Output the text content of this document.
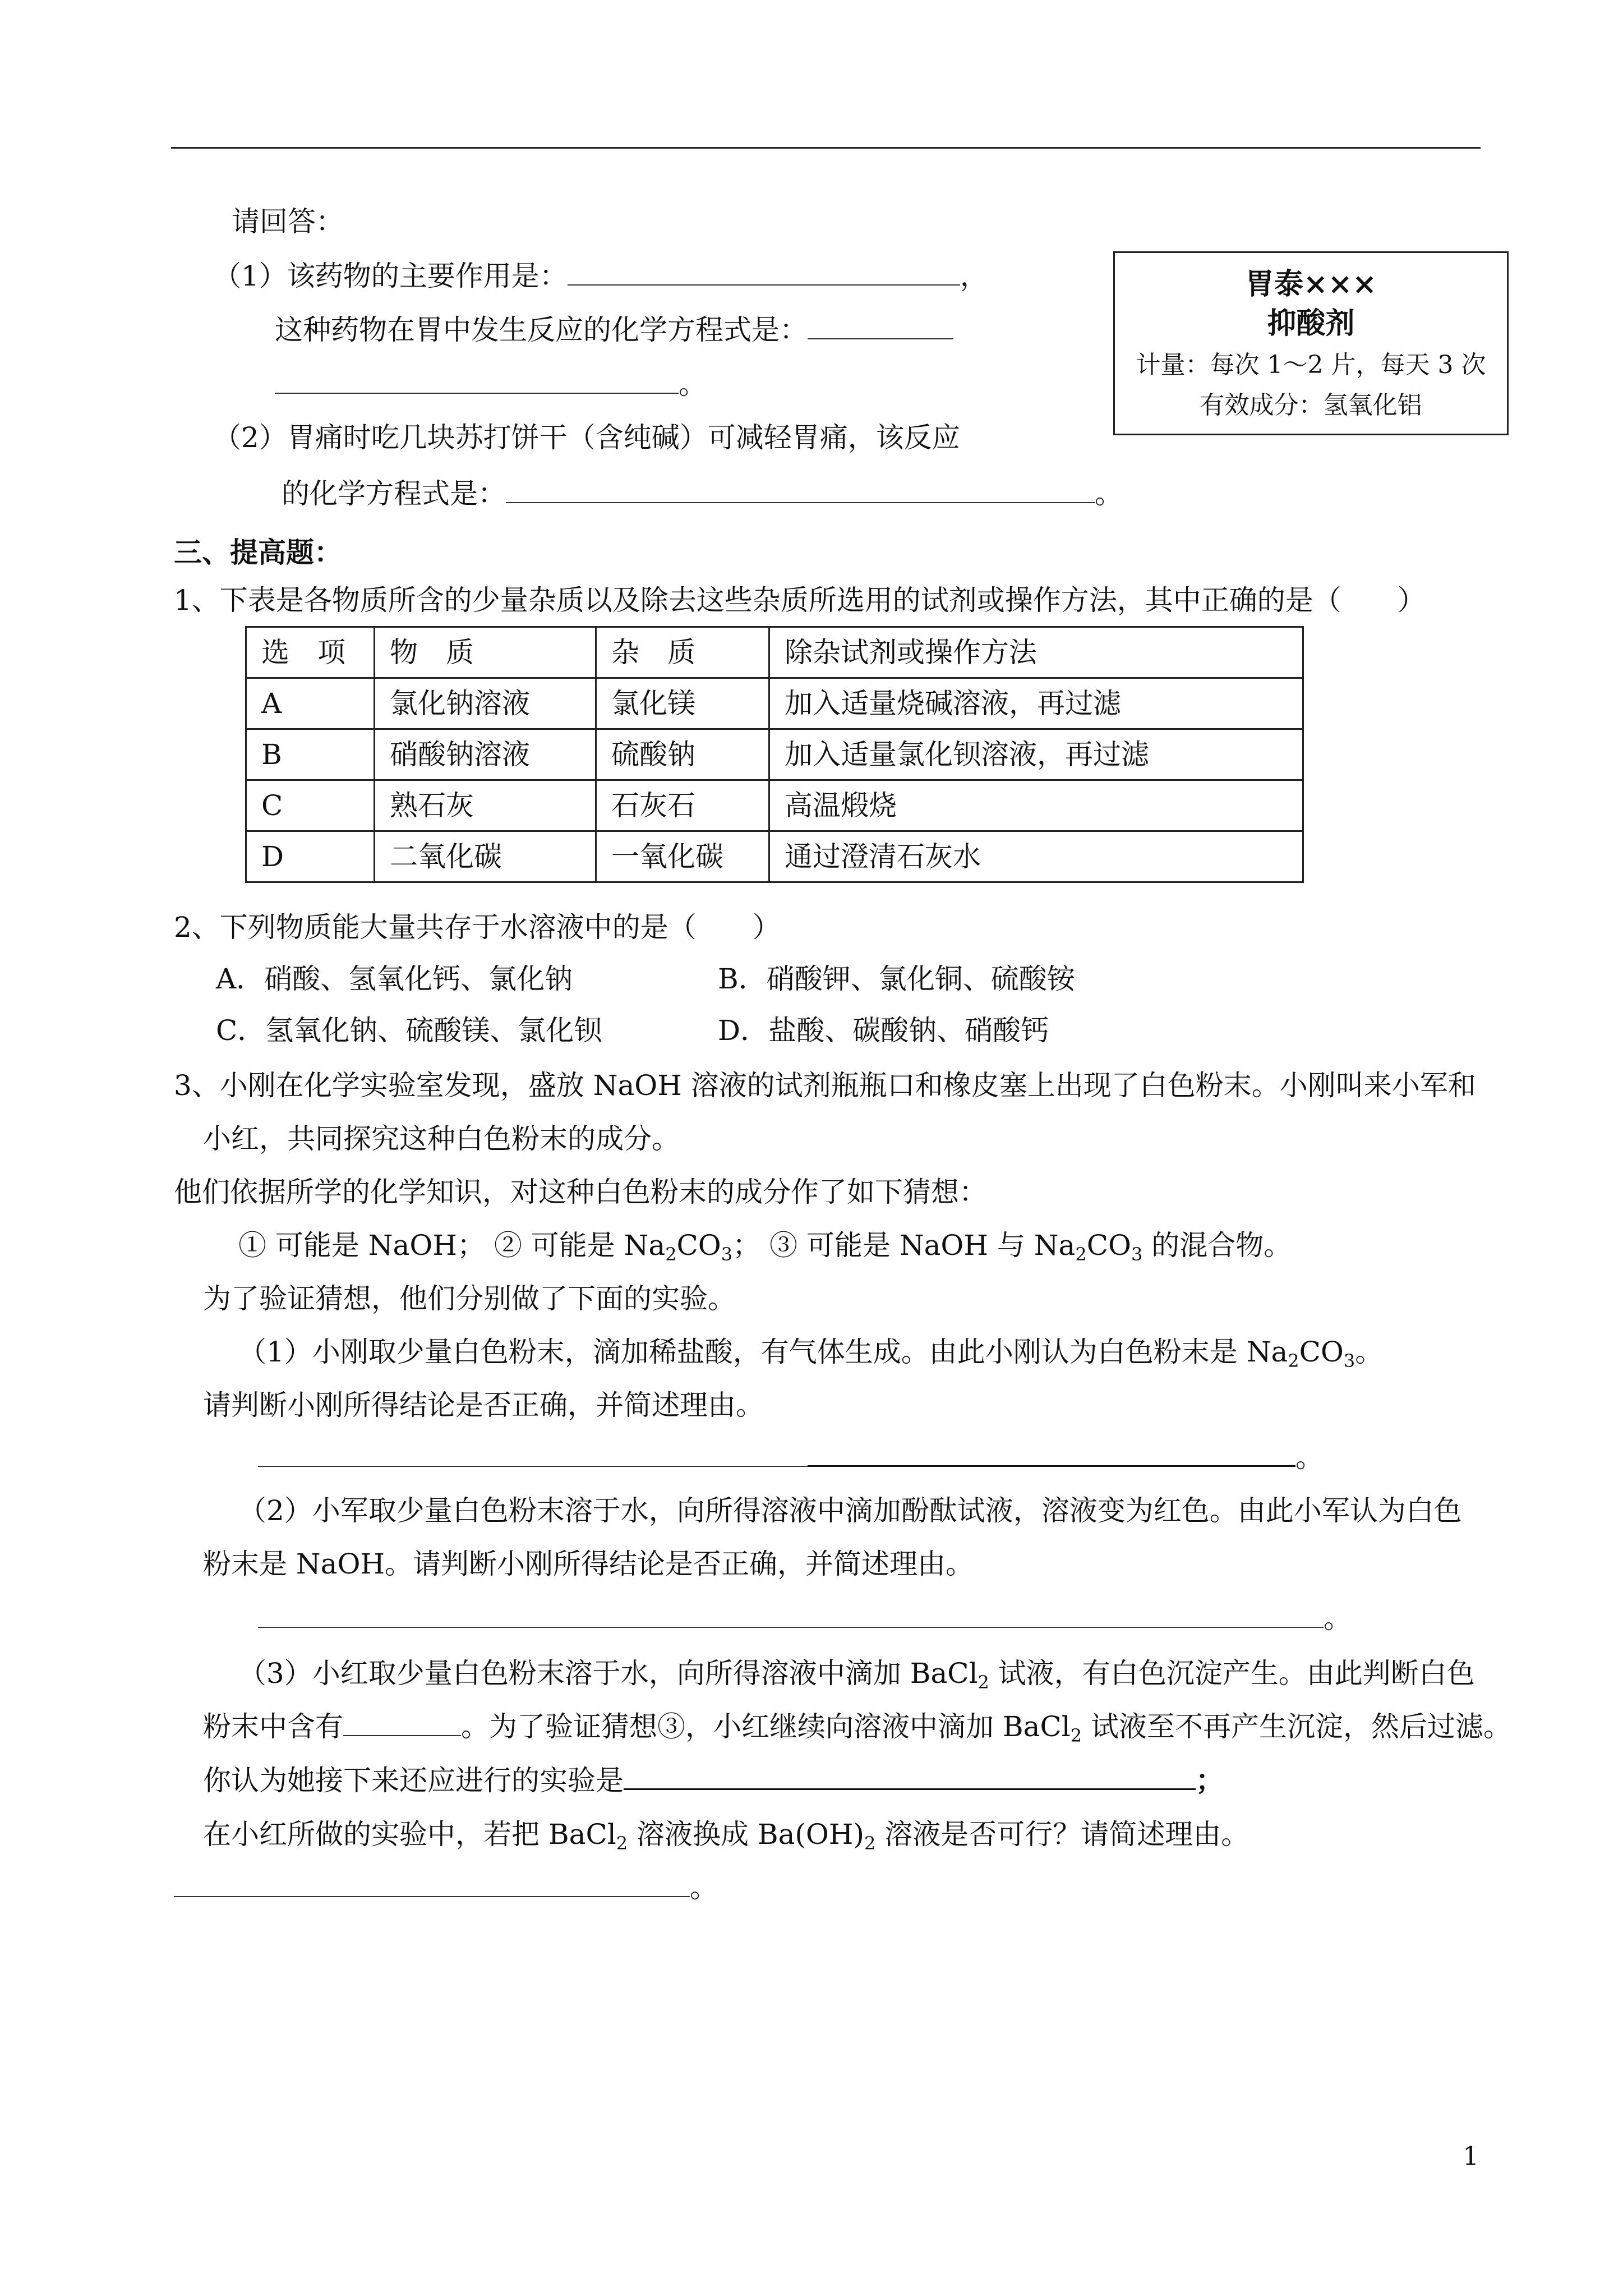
请回答：
（1）该药物的主要作用是：	，
这种药物在胃中发生反应的化学方程式是：
。
胃泰×××
抑酸剂
计量：每次 1～2 片，每天 3 次
有效成分：氢氧化铝
（2）胃痛时吃几块苏打饼干（含纯碱）可减轻胃痛，该反应
的化学方程式是：	。
三、提高题：
1、下表是各物质所含的少量杂质以及除去这些杂质所选用的试剂或操作方法，其中正确的是（　　）
选　项	物　质	杂　质	除杂试剂或操作方法
A	氯化钠溶液	氯化镁	加入适量烧碱溶液，再过滤
B	硝酸钠溶液	硫酸钠	加入适量氯化钡溶液，再过滤
C	熟石灰	石灰石	高温煅烧
D	二氧化碳	一氧化碳	通过澄清石灰水
2、下列物质能大量共存于水溶液中的是（　　）
A．硝酸、氢氧化钙、氯化钠	B．硝酸钾、氯化铜、硫酸铵
C．氢氧化钠、硫酸镁、氯化钡	D．盐酸、碳酸钠、硝酸钙
3、小刚在化学实验室发现，盛放 NaOH 溶液的试剂瓶瓶口和橡皮塞上出现了白色粉末。小刚叫来小军和
小红，共同探究这种白色粉末的成分。
他们依据所学的化学知识，对这种白色粉末的成分作了如下猜想：
① 可能是 NaOH； ② 可能是 $Na_2CO_3$； ③ 可能是 NaOH 与 $Na_2CO_3$ 的混合物。
为了验证猜想，他们分别做了下面的实验。
（1）小刚取少量白色粉末，滴加稀盐酸，有气体生成。由此小刚认为白色粉末是 $Na_2CO_3$。
请判断小刚所得结论是否正确，并简述理由。
。
（2）小军取少量白色粉末溶于水，向所得溶液中滴加酚酞试液，溶液变为红色。由此小军认为白色
粉末是 NaOH。请判断小刚所得结论是否正确，并简述理由。
。
（3）小红取少量白色粉末溶于水，向所得溶液中滴加 BaCl$_2$ 试液，有白色沉淀产生。由此判断白色
粉末中含有	。为了验证猜想③，小红继续向溶液中滴加 BaCl$_2$ 试液至不再产生沉淀，然后过滤。
你认为她接下来还应进行的实验是	；
在小红所做的实验中，若把 BaCl$_2$ 溶液换成 $Ba(OH)_2$ 溶液是否可行？请简述理由。
。
1
